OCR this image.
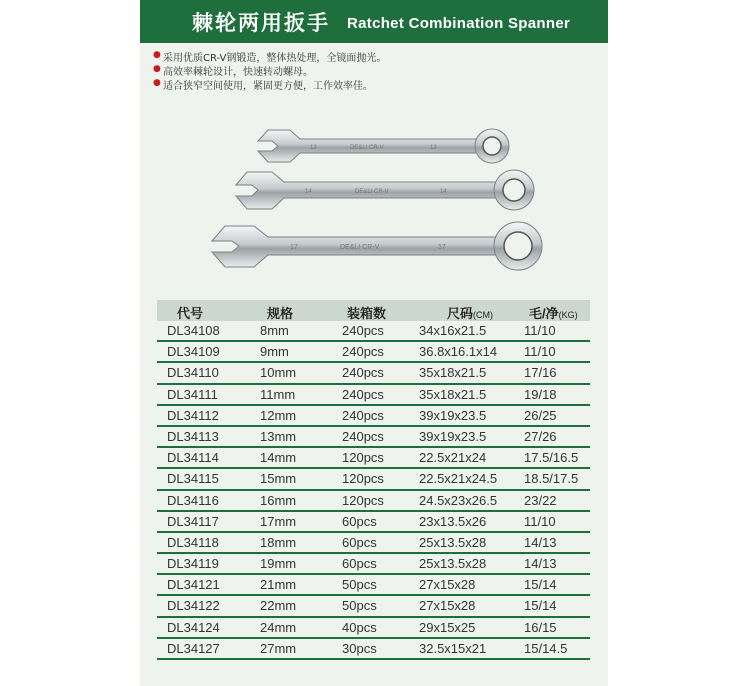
棘轮两用扳手 Ratchet Combination Spanner
● 采用优质CR-V钢锻造，整体热处理，全镜面抛光。
● 高效率棘轮设计，快速转动螺母。
● 适合狭窄空间使用，紧固更方便，工作效率佳。
13	DE&LI CR-V	13
14	DE&LI CR-V	14
17	DE&LI CR-V	17
代号	规格	装箱数	尺码(CM)	毛/净(KG)
DL34108	8mm	240pcs	34x16x21.5	11/10
DL34109	9mm	240pcs	36.8x16.1x14 11/10
DL34110	10mm	240pcs	35x18x21.5	17/16
DL34111	11mm	240pcs	35x18x21.5	19/18
DL34112	12mm	240pcs	39x19x23.5	26/25
DL34113	13mm	240pcs	39x19x23.5	27/26
DL34114	14mm	120pcs	22.5x21x24	17.5/16.5
DL34115	15mm	120pcs	22.5x21x24.5 18.5/17.5
DL34116	16mm	120pcs	24.5x23x26.5 23/22
DL34117	17mm	60pcs	23x13.5x26	11/10
DL34118	18mm	60pcs	25x13.5x28	14/13
DL34119	19mm	60pcs	25x13.5x28	14/13
DL34121	21mm	50pcs	27x15x28	15/14
DL34122	22mm	50pcs	27x15x28	15/14
DL34124	24mm	40pcs	29x15x25	16/15
DL34127	27mm	30pcs	32.5x15x21	15/14.5
